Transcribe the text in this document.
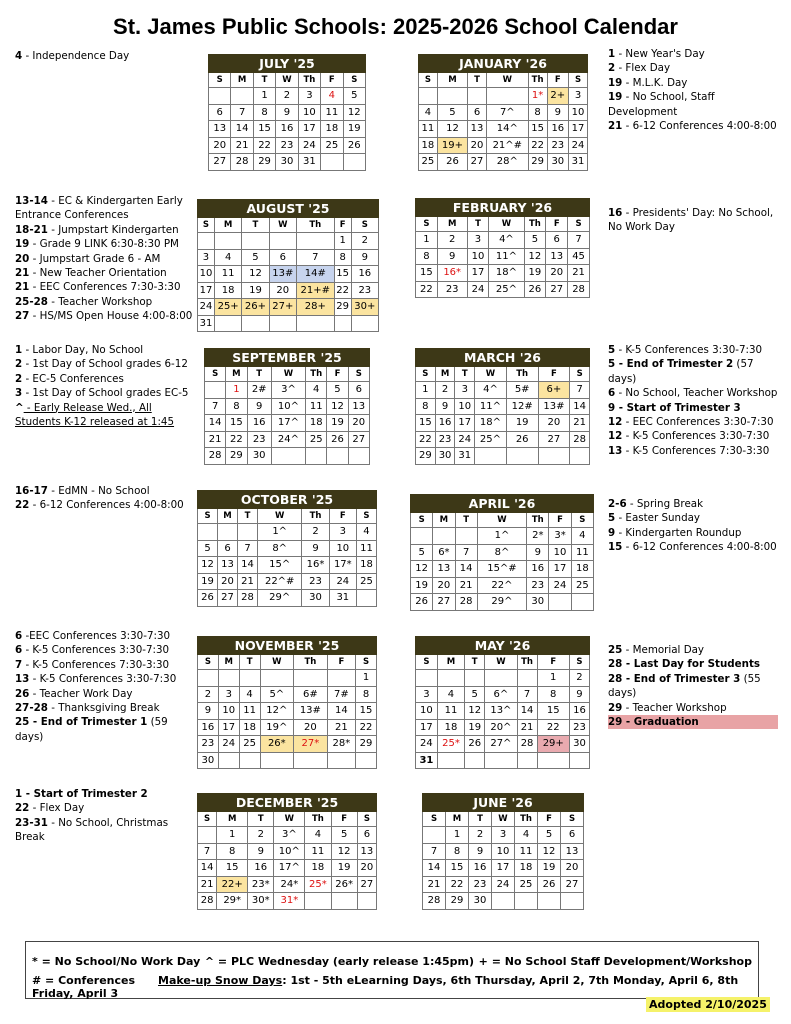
St. James Public Schools: 2025-2026 School Calendar
JULY '25						
S	M	T	W	Th	F	S
		1	2	3	4	5
6	7	8	9	10	11	12
13	14	15	16	17	18	19
20	21	22	23	24	25	26
27	28	29	30	31		
JANUARY '26						
S	M	T	W	Th	F	S
				1*	2+	3
4	5	6	7^	8	9	10
11	12	13	14^	15	16	17
18	19+	20	21^#	22	23	24
25	26	27	28^	29	30	31
AUGUST '25						
S	M	T	W	Th	F	S
					1	2
3	4	5	6	7	8	9
10	11	12	13#	14#	15	16
17	18	19	20	21+#	22	23
24	25+	26+	27+	28+	29	30+
31						
FEBRUARY '26						
S	M	T	W	Th	F	S
1	2	3	4^	5	6	7
8	9	10	11^	12	13	45
15	16*	17	18^	19	20	21
22	23	24	25^	26	27	28
SEPTEMBER '25						
S	M	T	W	Th	F	S
	1	2#	3^	4	5	6
7	8	9	10^	11	12	13
14	15	16	17^	18	19	20
21	22	23	24^	25	26	27
28	29	30				
MARCH '26						
S	M	T	W	Th	F	S
1	2	3	4^	5#	6+	7
8	9	10	11^	12#	13#	14
15	16	17	18^	19	20	21
22	23	24	25^	26	27	28
29	30	31				
OCTOBER '25						
S	M	T	W	Th	F	S
			1^	2	3	4
5	6	7	8^	9	10	11
12	13	14	15^	16*	17*	18
19	20	21	22^#	23	24	25
26	27	28	29^	30	31	
APRIL '26						
S	M	T	W	Th	F	S
			1^	2*	3*	4
5	6*	7	8^	9	10	11
12	13	14	15^#	16	17	18
19	20	21	22^	23	24	25
26	27	28	29^	30		
NOVEMBER '25						
S	M	T	W	Th	F	S
						1
2	3	4	5^	6#	7#	8
9	10	11	12^	13#	14	15
16	17	18	19^	20	21	22
23	24	25	26*	27*	28*	29
30						
MAY '26						
S	M	T	W	Th	F	S
					1	2
3	4	5	6^	7	8	9
10	11	12	13^	14	15	16
17	18	19	20^	21	22	23
24	25*	26	27^	28	29+	30
31						
DECEMBER '25						
S	M	T	W	Th	F	S
	1	2	3^	4	5	6
7	8	9	10^	11	12	13
14	15	16	17^	18	19	20
21	22+	23*	24*	25*	26*	27
28	29*	30*	31*			
JUNE '26						
S	M	T	W	Th	F	S
	1	2	3	4	5	6
7	8	9	10	11	12	13
14	15	16	17	18	19	20
21	22	23	24	25	26	27
28	29	30				
4 - Independence Day	1 - New Year's Day
2 - Flex Day
19 - M.L.K. Day
19 - No School, Staff Development
21 - 6-12 Conferences 4:00-8:00
13-14 - EC & Kindergarten Early Entrance Conferences
18-21 - Jumpstart Kindergarten
19 - Grade 9 LINK 6:30-8:30 PM
20 - Jumpstart Grade 6 - AM
21 - New Teacher Orientation
21 - EEC Conferences 7:30-3:30
25-28 - Teacher Workshop
27 - HS/MS Open House 4:00-8:00
16 - Presidents' Day: No School, No Work Day
1 - Labor Day, No School
2 - 1st Day of School grades 6-12
2 - EC-5 Conferences
3 - 1st Day of School grades EC-5
^ - Early Release Wed., All Students K-12 released at 1:45
5 - K-5 Conferences 3:30-7:30
5 - End of Trimester 2 (57 days)
6 - No School, Teacher Workshop
9 - Start of Trimester 3
12 - EEC Conferences 3:30-7:30
12 - K-5 Conferences 3:30-7:30
13 - K-5 Conferences 7:30-3:30
16-17 - EdMN - No School
22 - 6-12 Conferences 4:00-8:00	2-6 - Spring Break
5 - Easter Sunday
9 - Kindergarten Roundup
15 - 6-12 Conferences 4:00-8:00
6 -EEC Conferences 3:30-7:30
6 - K-5 Conferences 3:30-7:30
7 - K-5 Conferences 7:30-3:30
13 - K-5 Conferences 3:30-7:30
26 - Teacher Work Day
27-28 - Thanksgiving Break
25 - End of Trimester 1 (59 days)
25 - Memorial Day
28 - Last Day for Students
28 - End of Trimester 3 (55 days)
29 - Teacher Workshop
29 - Graduation
1 - Start of Trimester 2
22 - Flex Day
23-31 - No School, Christmas Break
* = No School/No Work Day ^ = PLC Wednesday (early release 1:45pm) + = No School Staff Development/Workshop
# = Conferences Make-up Snow Days: 1st - 5th eLearning Days, 6th Thursday, April 2, 7th Monday, April 6, 8th Friday, April 3
Adopted 2/10/2025
